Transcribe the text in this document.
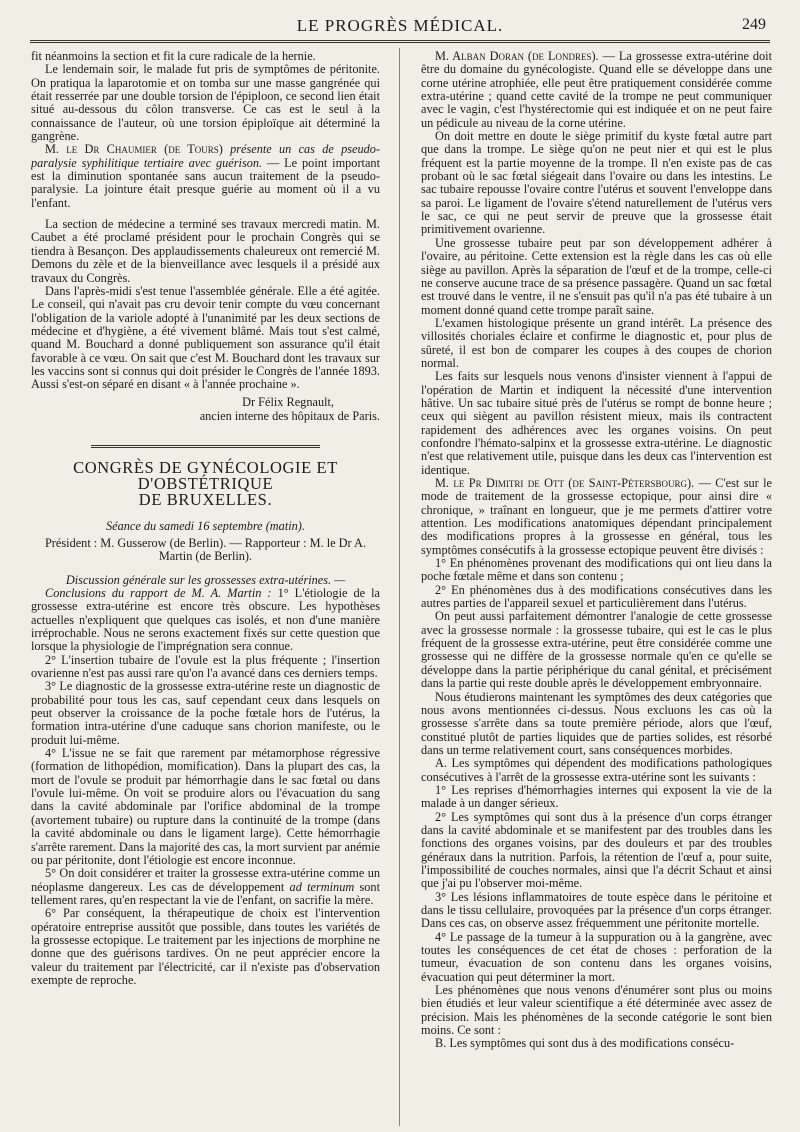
LE PROGRÈS MÉDICAL.	249

fit néanmoins la section et fit la cure radicale de la hernie.

Le lendemain soir, le malade fut pris de symptômes de péritonite. On pratiqua la laparotomie et on tomba sur une masse gangrénée qui était resserrée par une double torsion de l'épiploon, ce second lien était situé au-dessous du côlon transverse. Ce cas est le seul à la connaissance de l'auteur, où une torsion épiploïque ait déterminé la gangrène.

M. le Dr Chaumier (de Tours) présente un cas de pseudo-paralysie syphilitique tertiaire avec guérison. — Le point important est la diminution spontanée sans aucun traitement de la pseudo-paralysie. La jointure était presque guérie au moment où il a vu l'enfant.

La section de médecine a terminé ses travaux mercredi matin. M. Caubet a été proclamé président pour le prochain Congrès qui se tiendra à Besançon. Des applaudissements chaleureux ont remercié M. Demons du zèle et de la bienveillance avec lesquels il a présidé aux travaux du Congrès.

Dans l'après-midi s'est tenue l'assemblée générale. Elle a été agitée. Le conseil, qui n'avait pas cru devoir tenir compte du vœu concernant l'obligation de la variole adopté à l'unanimité par les deux sections de médecine et d'hygiène, a été vivement blâmé. Mais tout s'est calmé, quand M. Bouchard a donné publiquement son assurance qu'il était favorable à ce vœu. On sait que c'est M. Bouchard dont les travaux sur les vaccins sont si connus qui doit présider le Congrès de l'année 1893. Aussi s'est-on séparé en disant « à l'année prochaine ».

Dr Félix Regnault,
ancien interne des hôpitaux de Paris.
CONGRÈS DE GYNÉCOLOGIE ET D'OBSTÉTRIQUE
DE BRUXELLES.
Séance du samedi 16 septembre (matin).
Président : M. Gusserow (de Berlin). — Rapporteur : M. le Dr A. Martin (de Berlin).
Discussion générale sur les grossesses extra-utérines. —

Conclusions du rapport de M. A. Martin : 1° L'étiologie de la grossesse extra-utérine est encore très obscure. Les hypothèses actuelles n'expliquent que quelques cas isolés, et non d'une manière irréprochable. Nous ne serons exactement fixés sur cette question que lorsque la physiologie de l'imprégnation sera connue.

2° L'insertion tubaire de l'ovule est la plus fréquente ; l'insertion ovarienne n'est pas aussi rare qu'on l'a avancé dans ces derniers temps.

3° Le diagnostic de la grossesse extra-utérine reste un diagnostic de probabilité pour tous les cas, sauf cependant ceux dans lesquels on peut observer la croissance de la poche fœtale hors de l'utérus, la formation intra-utérine d'une caduque sans chorion manifeste, ou le produit lui-même.

4° L'issue ne se fait que rarement par métamorphose régressive (formation de lithopédion, momification). Dans la plupart des cas, la mort de l'ovule se produit par hémorrhagie dans le sac fœtal ou dans l'ovule lui-même. On voit se produire alors ou l'évacuation du sang dans la cavité abdominale par l'orifice abdominal de la trompe (avortement tubaire) ou rupture dans la continuité de la trompe (dans la cavité abdominale ou dans le ligament large). Cette hémorrhagie s'arrête rarement. Dans la majorité des cas, la mort survient par anémie ou par péritonite, dont l'étiologie est encore inconnue.

5° On doit considérer et traiter la grossesse extra-utérine comme un néoplasme dangereux. Les cas de développement ad terminum sont tellement rares, qu'en respectant la vie de l'enfant, on sacrifie la mère.

6° Par conséquent, la thérapeutique de choix est l'intervention opératoire entreprise aussitôt que possible, dans toutes les variétés de la grossesse ectopique. Le traitement par les injections de morphine ne donne que des guérisons tardives. On ne peut apprécier encore la valeur du traitement par l'électricité, car il n'existe pas d'observation exempte de reproche.

M. Alban Doran (de Londres). — La grossesse extra-utérine doit être du domaine du gynécologiste. Quand elle se développe dans une corne utérine atrophiée, elle peut être pratiquement considérée comme extra-utérine ; quand cette cavité de la trompe ne peut communiquer avec le vagin, c'est l'hystérectomie qui est indiquée et on ne peut faire un pédicule au niveau de la corne utérine.

On doit mettre en doute le siège primitif du kyste fœtal autre part que dans la trompe. Le siège qu'on ne peut nier et qui est le plus fréquent est la partie moyenne de la trompe. Il n'en existe pas de cas probant où le sac fœtal siégeait dans l'ovaire ou dans les intestins. Le sac tubaire repousse l'ovaire contre l'utérus et souvent l'enveloppe dans sa paroi. Le ligament de l'ovaire s'étend naturellement de l'utérus vers le sac, ce qui ne peut servir de preuve que la grossesse était primitivement ovarienne.

Une grossesse tubaire peut par son développement adhérer à l'ovaire, au péritoine. Cette extension est la règle dans les cas où elle siège au pavillon. Après la séparation de l'œuf et de la trompe, celle-ci ne conserve aucune trace de sa présence passagère. Quand un sac fœtal est trouvé dans le ventre, il ne s'ensuit pas qu'il n'a pas été tubaire à un moment donné quand cette trompe paraît saine.

L'examen histologique présente un grand intérêt. La présence des villosités choriales éclaire et confirme le diagnostic et, pour plus de sûreté, il est bon de comparer les coupes à des coupes de chorion normal.

Les faits sur lesquels nous venons d'insister viennent à l'appui de l'opération de Martin et indiquent la nécessité d'une intervention hâtive. Un sac tubaire situé près de l'utérus se rompt de bonne heure ; ceux qui siègent au pavillon résistent mieux, mais ils contractent rapidement des adhérences avec les organes voisins. On peut confondre l'hémato-salpinx et la grossesse extra-utérine. Le diagnostic n'est que relativement utile, puisque dans les deux cas l'intervention est identique.

M. le Pr Dimitri de Ott (de Saint-Pétersbourg). — C'est sur le mode de traitement de la grossesse ectopique, pour ainsi dire « chronique, » traînant en longueur, que je me permets d'attirer votre attention. Les modifications anatomiques dépendant principalement des modifications propres à la grossesse en général, tous les symptômes consécutifs à la grossesse ectopique peuvent être divisés :

1° En phénomènes provenant des modifications qui ont lieu dans la poche fœtale même et dans son contenu ;

2° En phénomènes dus à des modifications consécutives dans les autres parties de l'appareil sexuel et particulièrement dans l'utérus.

On peut aussi parfaitement démontrer l'analogie de cette grossesse avec la grossesse normale : la grossesse tubaire, qui est le cas le plus fréquent de la grossesse extra-utérine, peut être considérée comme une grossesse qui ne diffère de la grossesse normale qu'en ce qu'elle se développe dans la partie périphérique du canal génital, et précisément dans la partie qui reste double après le développement embryonnaire.

Nous étudierons maintenant les symptômes des deux catégories que nous avons mentionnées ci-dessus. Nous excluons les cas où la grossesse s'arrête dans sa toute première période, alors que l'œuf, constitué plutôt de parties liquides que de parties solides, est résorbé dans un terme relativement court, sans conséquences morbides.

A. Les symptômes qui dépendent des modifications pathologiques consécutives à l'arrêt de la grossesse extra-utérine sont les suivants :

1° Les reprises d'hémorrhagies internes qui exposent la vie de la malade à un danger sérieux.

2° Les symptômes qui sont dus à la présence d'un corps étranger dans la cavité abdominale et se manifestent par des troubles dans les fonctions des organes voisins, par des douleurs et par des troubles généraux dans la nutrition. Parfois, la rétention de l'œuf a, pour suite, l'impossibilité de couches normales, ainsi que l'a décrit Schaut et ainsi que j'ai pu l'observer moi-même.

3° Les lésions inflammatoires de toute espèce dans le péritoine et dans le tissu cellulaire, provoquées par la présence d'un corps étranger. Dans ces cas, on observe assez fréquemment une péritonite mortelle.

4° Le passage de la tumeur à la suppuration ou à la gangrène, avec toutes les conséquences de cet état de choses : perforation de la tumeur, évacuation de son contenu dans les organes voisins, évacuation qui peut déterminer la mort.

Les phénomènes que nous venons d'énumérer sont plus ou moins bien étudiés et leur valeur scientifique a été déterminée avec assez de précision. Mais les phénomènes de la seconde catégorie le sont bien moins. Ce sont :

B. Les symptômes qui sont dus à des modifications consécu-
